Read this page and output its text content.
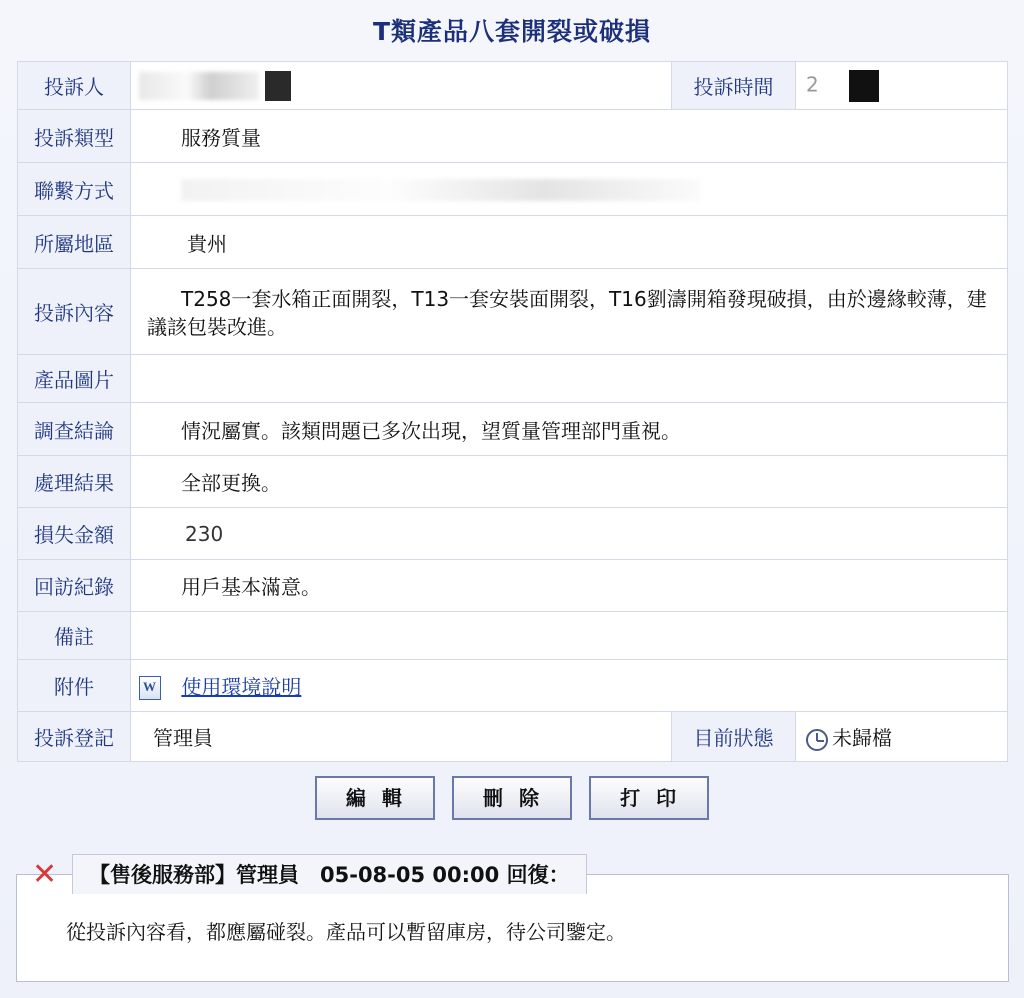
T類產品八套開裂或破損
投訴人		投訴時間	2
投訴類型	服務質量		
聯繫方式			
所屬地區	貴州		
投訴內容	T258一套水箱正面開裂，T13一套安裝面開裂，T16劉濤開箱發現破損，由於邊緣較薄，建議該包裝改進。		
產品圖片			
調查結論	情況屬實。該類問題已多次出現，望質量管理部門重視。		
處理結果	全部更換。		
損失金額	230		
回訪紀錄	用戶基本滿意。		
備註			
附件	W 使用環境說明		
投訴登記	管理員	目前狀態	未歸檔
編輯	刪除	打印
✕	【售後服務部】管理員　05-08-05 00:00 回復：
從投訴內容看，都應屬碰裂。產品可以暫留庫房，待公司鑒定。
